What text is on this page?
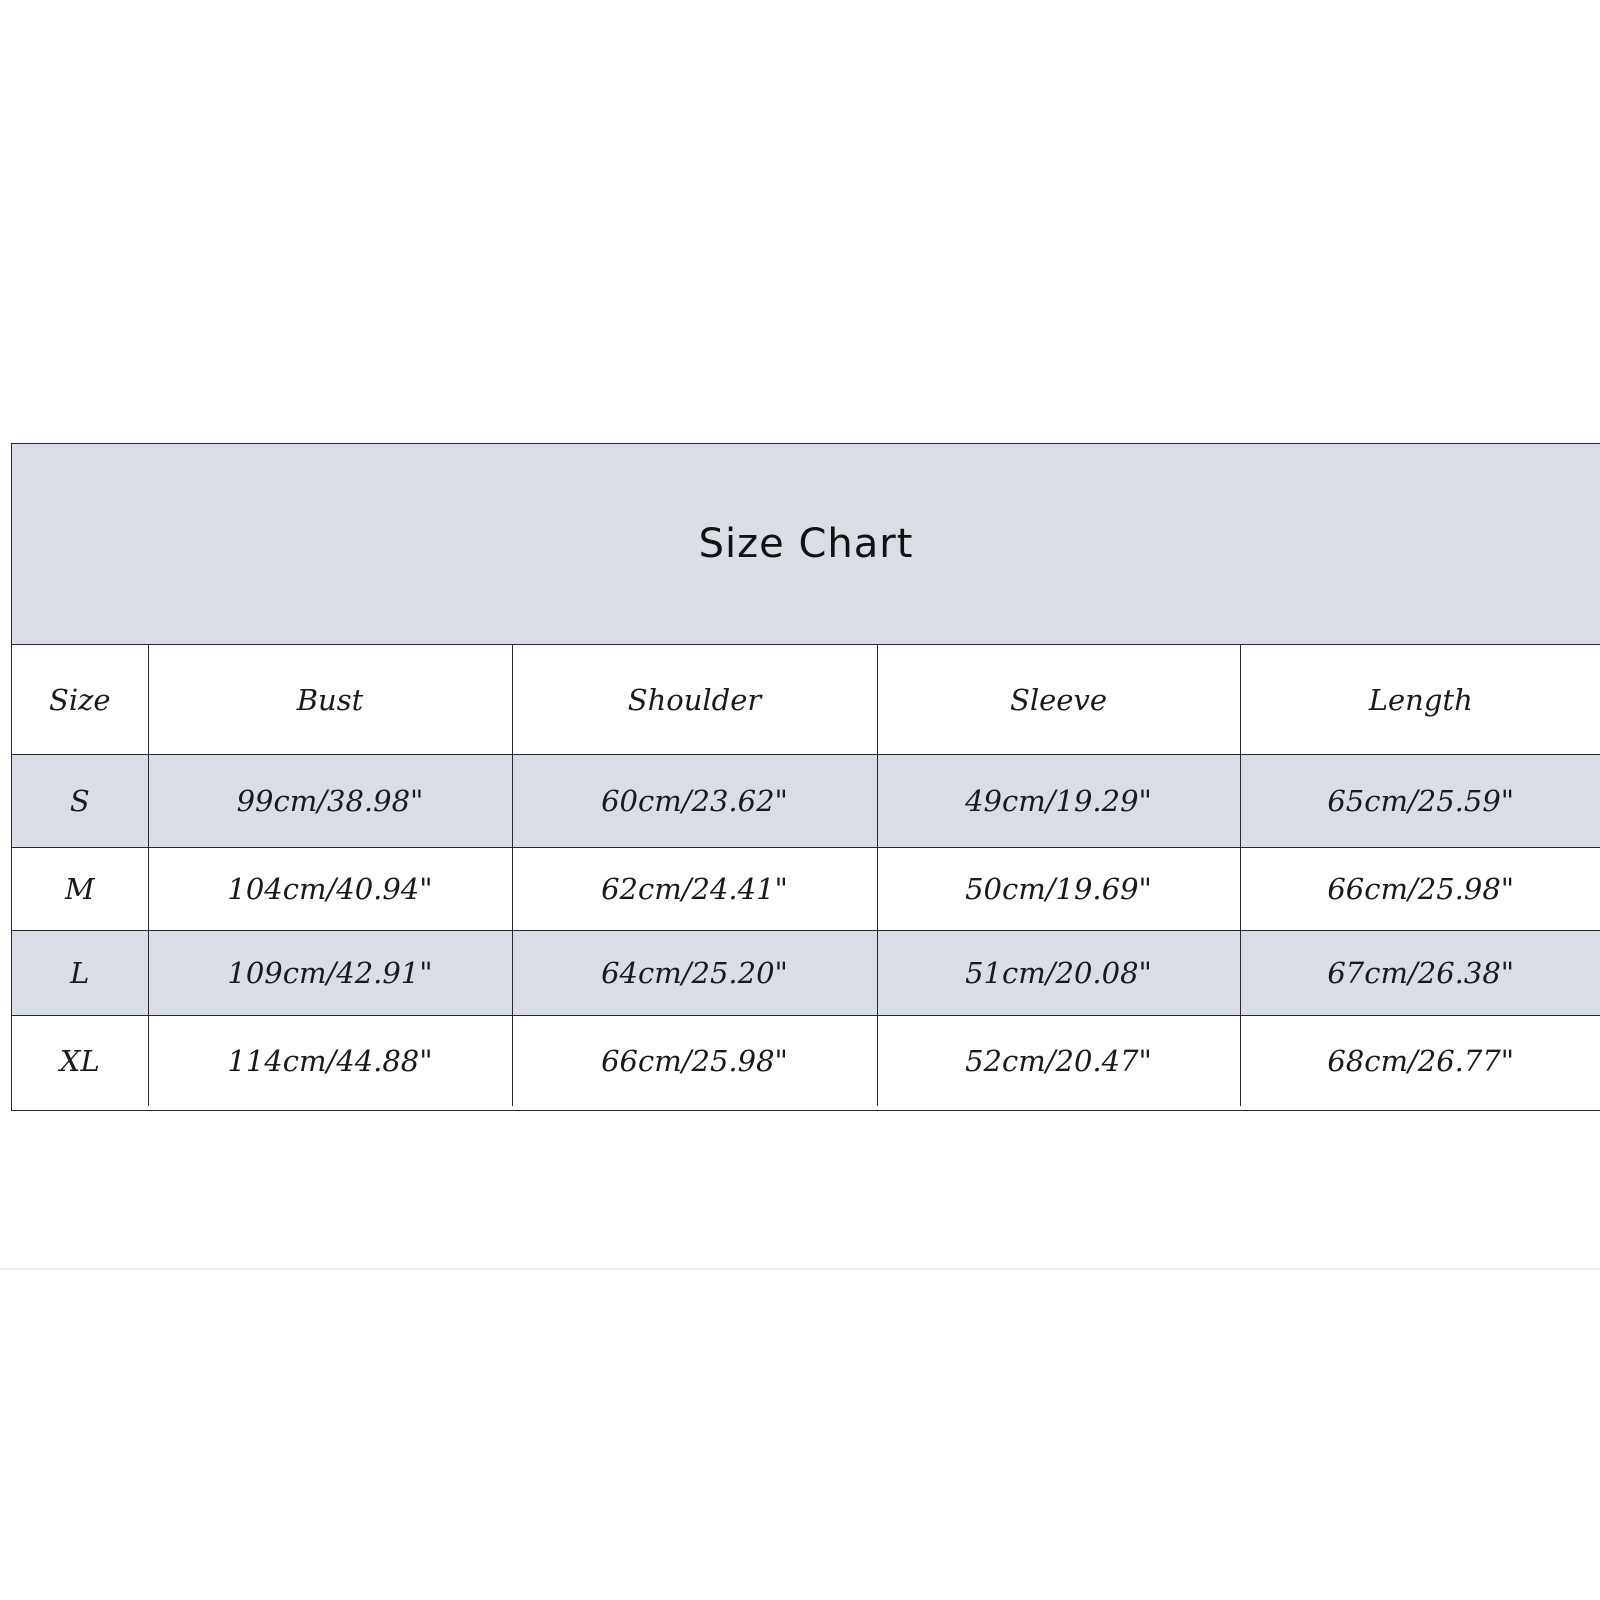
Size Chart
Size	Bust	Shoulder	Sleeve	Length
S	99cm/38.98"	60cm/23.62"	49cm/19.29"	65cm/25.59"
M	104cm/40.94"	62cm/24.41"	50cm/19.69"	66cm/25.98"
L	109cm/42.91"	64cm/25.20"	51cm/20.08"	67cm/26.38"
XL	114cm/44.88"	66cm/25.98"	52cm/20.47"	68cm/26.77"
